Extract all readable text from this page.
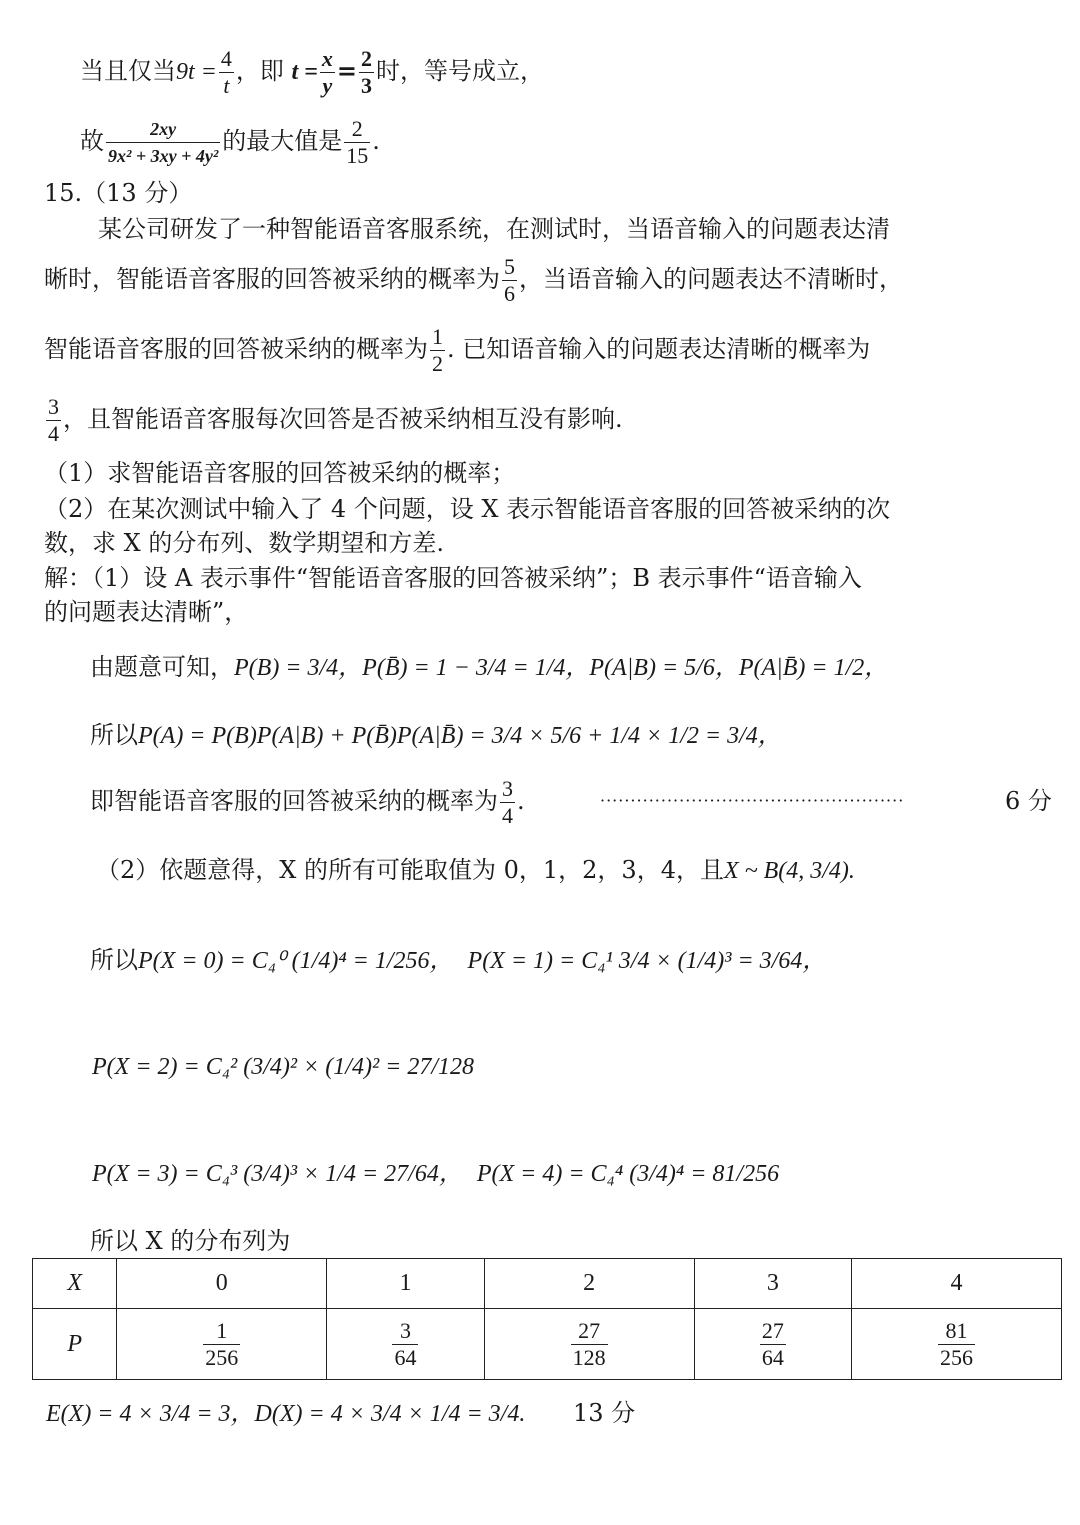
当且仅当$9t = \frac{4}{t}$ ，即 $t = \frac{x}{y} = \frac{2}{3}$ 时，等号成立，
故 $\frac{2xy}{\text{9x² + 3xy + 4y²}}$ 的最大值是 $\frac{2}{15}$ .
15.（13 分）
某公司研发了一种智能语音客服系统，在测试时，当语音输入的问题表达清
晰时，智能语音客服的回答被采纳的概率为 $\frac{5}{6}$ ，当语音输入的问题表达不清晰时，
智能语音客服的回答被采纳的概率为 $\frac{1}{2}$ . 已知语音输入的问题表达清晰的概率为
$\frac{3}{4}$ ，且智能语音客服每次回答是否被采纳相互没有影响.
（1）求智能语音客服的回答被采纳的概率；
（2）在某次测试中输入了 4 个问题，设 X 表示智能语音客服的回答被采纳的次
数，求 X 的分布列、数学期望和方差.
解：（1）设 A 表示事件“智能语音客服的回答被采纳”；B 表示事件“语音输入
的问题表达清晰”，
由题意可知，P(B) = 3/4，P(B̄) = 1 − 3/4 = 1/4，P(A|B) = 5/6，P(A|B̄) = 1/2，
所以P(A) = P(B)P(A|B) + P(B̄)P(A|B̄) = 3/4 × 5/6 + 1/4 × 1/2 = 3/4，
即智能语音客服的回答被采纳的概率为 $\frac{3}{4}$ .	··················································	6 分
（2）依题意得，X 的所有可能取值为 0，1，2，3，4，且X ~ B(4, 3/4).
所以P(X = 0) = C₄⁰ (1/4)⁴ = 1/256， P(X = 1) = C₄¹ 3/4 × (1/4)³ = 3/64，
P(X = 2) = C₄² (3/4)² × (1/4)² = 27/128
P(X = 3) = C₄³ (3/4)³ × 1/4 = 27/64， P(X = 4) = C₄⁴ (3/4)⁴ = 81/256
所以 X 的分布列为
X	0	1	2	3	4
P	$\frac{1}{256}$	$\frac{3}{64}$	$\frac{27}{128}$	$\frac{27}{64}$	$\frac{81}{256}$
E(X) = 4 × 3/4 = 3，D(X) = 4 × 3/4 × 1/4 = 3/4. 13 分
